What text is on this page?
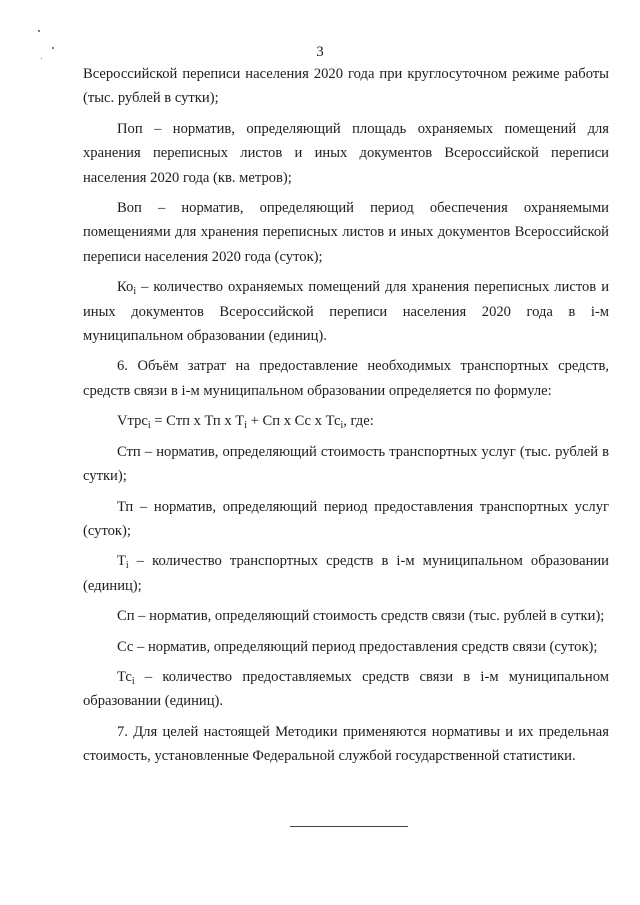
3

Всероссийской переписи населения 2020 года при круглосуточном режиме работы (тыс. рублей в сутки);

Поп – норматив, определяющий площадь охраняемых помещений для хранения переписных листов и иных документов Всероссийской переписи населения 2020 года (кв. метров);

Воп – норматив, определяющий период обеспечения охраняемыми помещениями для хранения переписных листов и иных документов Всероссийской переписи населения 2020 года (суток);

$Ко_i$ – количество охраняемых помещений для хранения переписных листов и иных документов Всероссийской переписи населения 2020 года в i-м муниципальном образовании (единиц).

6. Объём затрат на предоставление необходимых транспортных средств, средств связи в i-м муниципальном образовании определяется по формуле:

Vтрс$_i$ = Стп х Тп х $Т_i$ + Сп х Сс х $Тс_i$, где:

Стп – норматив, определяющий стоимость транспортных услуг (тыс. рублей в сутки);

Тп – норматив, определяющий период предоставления транспортных услуг (суток);

$Т_i$ – количество транспортных средств в i-м муниципальном образовании (единиц);

Сп – норматив, определяющий стоимость средств связи (тыс. рублей в сутки);

Сс – норматив, определяющий период предоставления средств связи (суток);

$Тс_i$ – количество предоставляемых средств связи в i-м муниципальном образовании (единиц).

7. Для целей настоящей Методики применяются нормативы и их предельная стоимость, установленные Федеральной службой государственной статистики.
